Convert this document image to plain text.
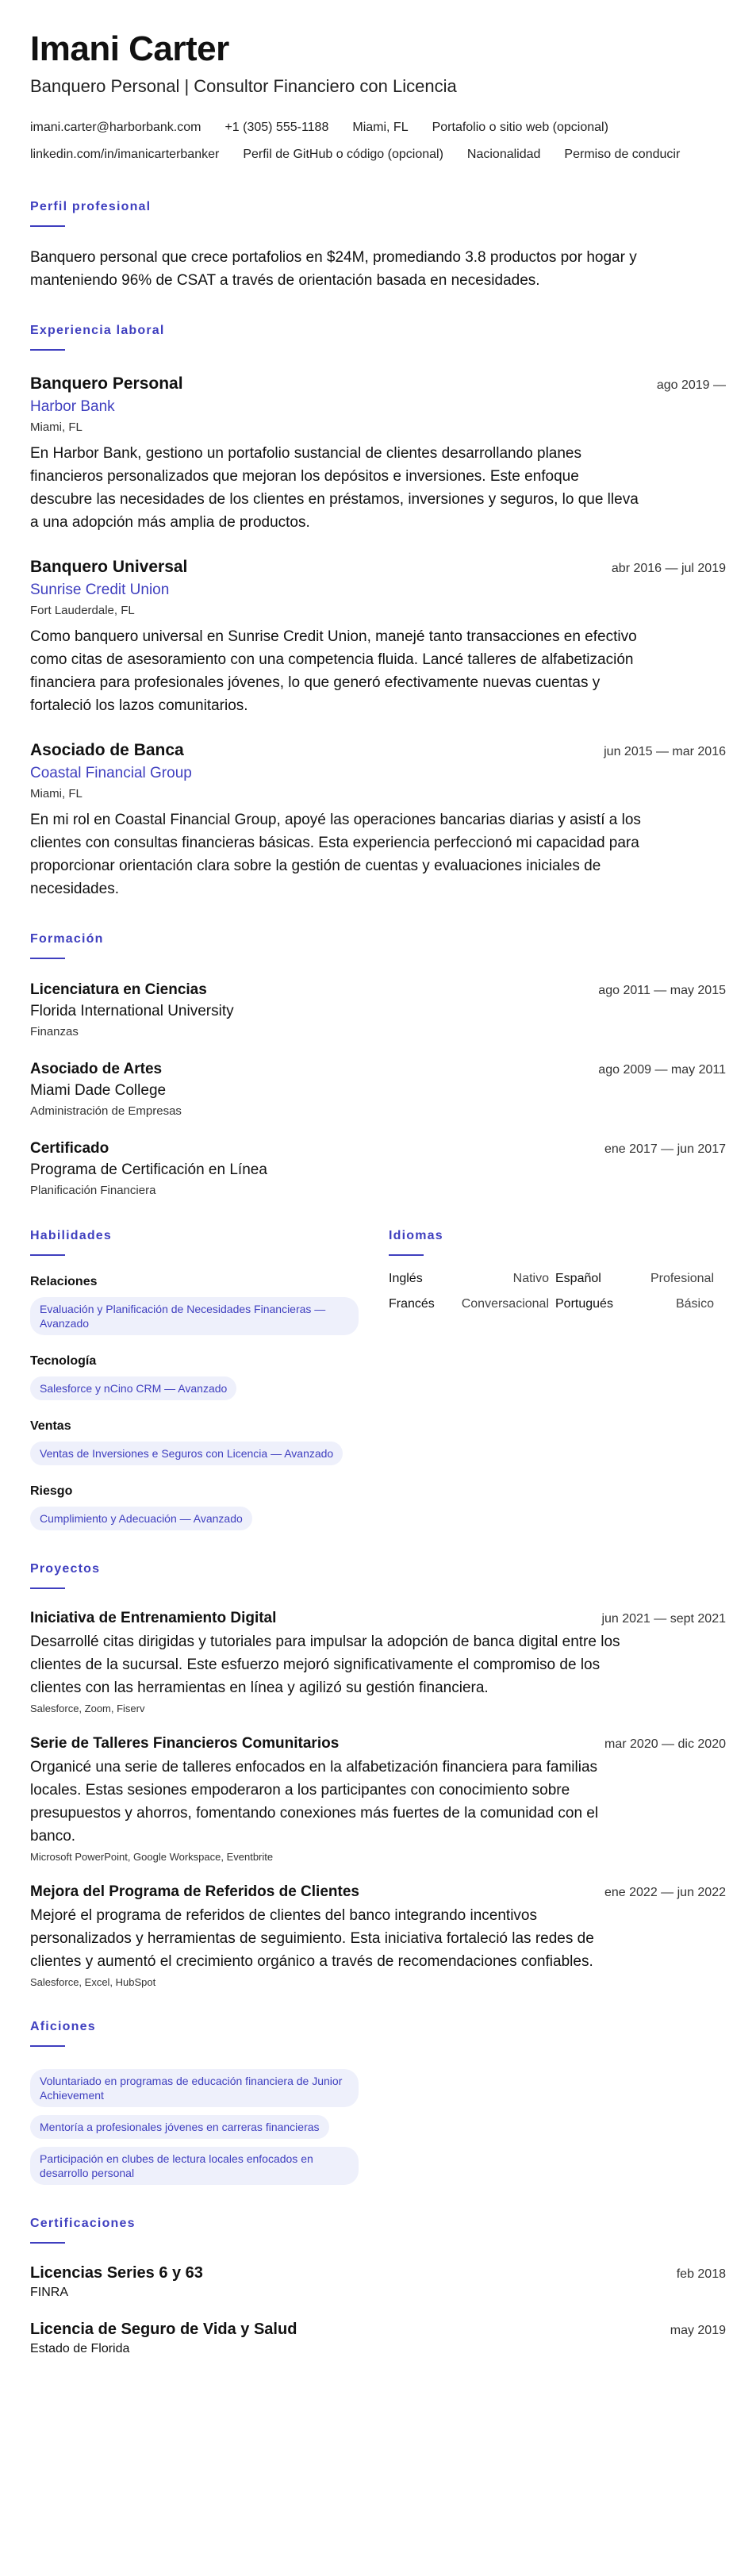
Imani Carter
Banquero Personal | Consultor Financiero con Licencia
imani.carter@harborbank.com +1 (305) 555-1188 Miami, FL Portafolio o sitio web (opcional)
linkedin.com/in/imanicarterbanker Perfil de GitHub o código (opcional) Nacionalidad Permiso de conducir
Perfil profesional
Banquero personal que crece portafolios en $24M, promediando 3.8 productos por hogar y manteniendo 96% de CSAT a través de orientación basada en necesidades.
Experiencia laboral
Banquero Personal	ago 2019 —
Harbor Bank
Miami, FL
En Harbor Bank, gestiono un portafolio sustancial de clientes desarrollando planes financieros personalizados que mejoran los depósitos e inversiones. Este enfoque descubre las necesidades de los clientes en préstamos, inversiones y seguros, lo que lleva a una adopción más amplia de productos.
Banquero Universal	abr 2016 — jul 2019
Sunrise Credit Union
Fort Lauderdale, FL
Como banquero universal en Sunrise Credit Union, manejé tanto transacciones en efectivo como citas de asesoramiento con una competencia fluida. Lancé talleres de alfabetización financiera para profesionales jóvenes, lo que generó efectivamente nuevas cuentas y fortaleció los lazos comunitarios.
Asociado de Banca	jun 2015 — mar 2016
Coastal Financial Group
Miami, FL
En mi rol en Coastal Financial Group, apoyé las operaciones bancarias diarias y asistí a los clientes con consultas financieras básicas. Esta experiencia perfeccionó mi capacidad para proporcionar orientación clara sobre la gestión de cuentas y evaluaciones iniciales de necesidades.
Formación
Licenciatura en Ciencias	ago 2011 — may 2015
Florida International University
Finanzas
Asociado de Artes	ago 2009 — may 2011
Miami Dade College
Administración de Empresas
Certificado	ene 2017 — jun 2017
Programa de Certificación en Línea
Planificación Financiera
Habilidades
Relaciones
Evaluación y Planificación de Necesidades Financieras — Avanzado
Tecnología
Salesforce y nCino CRM — Avanzado
Ventas
Ventas de Inversiones e Seguros con Licencia — Avanzado
Riesgo
Cumplimiento y Adecuación — Avanzado
Idiomas
Inglés	Nativo Español	Profesional
Francés Conversacional Portugués	Básico
Proyectos
Iniciativa de Entrenamiento Digital	jun 2021 — sept 2021
Desarrollé citas dirigidas y tutoriales para impulsar la adopción de banca digital entre los clientes de la sucursal. Este esfuerzo mejoró significativamente el compromiso de los clientes con las herramientas en línea y agilizó su gestión financiera.
Salesforce, Zoom, Fiserv
Serie de Talleres Financieros Comunitarios	mar 2020 — dic 2020
Organicé una serie de talleres enfocados en la alfabetización financiera para familias locales. Estas sesiones empoderaron a los participantes con conocimiento sobre presupuestos y ahorros, fomentando conexiones más fuertes de la comunidad con el banco.
Microsoft PowerPoint, Google Workspace, Eventbrite
Mejora del Programa de Referidos de Clientes	ene 2022 — jun 2022
Mejoré el programa de referidos de clientes del banco integrando incentivos personalizados y herramientas de seguimiento. Esta iniciativa fortaleció las redes de clientes y aumentó el crecimiento orgánico a través de recomendaciones confiables.
Salesforce, Excel, HubSpot
Aficiones
Voluntariado en programas de educación financiera de Junior Achievement
Mentoría a profesionales jóvenes en carreras financieras
Participación en clubes de lectura locales enfocados en desarrollo personal
Certificaciones
Licencias Series 6 y 63	feb 2018
FINRA
Licencia de Seguro de Vida y Salud	may 2019
Estado de Florida
